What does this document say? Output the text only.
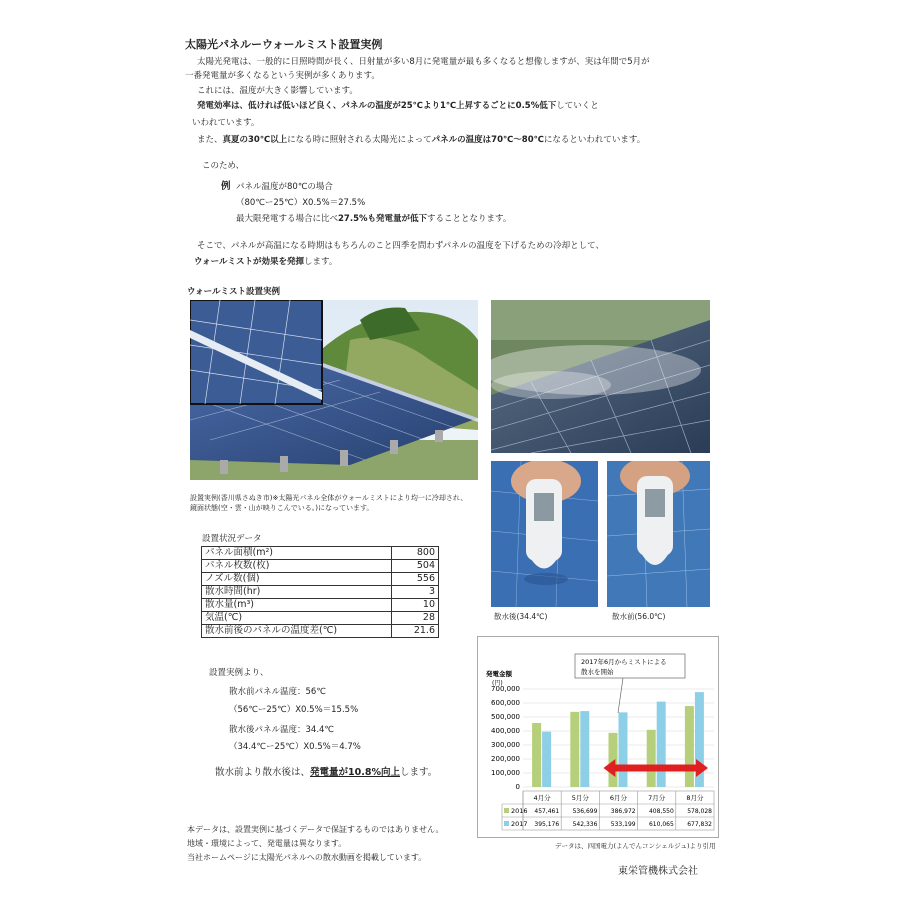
太陽光パネルーウォールミスト設置実例
太陽光発電は、一般的に日照時間が長く、日射量が多い8月に発電量が最も多くなると想像しますが、実は年間で5月が
一番発電量が多くなるという実例が多くあります。
これには、温度が大きく影響しています。
発電効率は、低ければ低いほど良く、パネルの温度が25℃より1℃上昇するごとに0.5%低下していくと
いわれています。
また、真夏の30℃以上になる時に照射される太陽光によってパネルの温度は70℃～80℃になるといわれています。
このため、
例 パネル温度が80℃の場合
（80℃ー25℃）X0.5%＝27.5%
最大限発電する場合に比べ27.5%も発電量が低下することとなります。
そこで、パネルが高温になる時期はもちろんのこと四季を問わずパネルの温度を下げるための冷却として、
ウォールミストが効果を発揮します。
ウォールミスト設置実例
設置実例(香川県さぬき市)※太陽光パネル全体がウォールミストにより均一に冷却され、
鏡面状態(空・雲・山が映りこんでいる。)になっています。
散水後(34.4℃)	散水前(56.0℃)
設置状況データ
パネル面積(m²)	800
パネル枚数(枚)	504
ノズル数(個)	556
散水時間(hr)	3
散水量(m³)	10
気温(℃)	28
散水前後のパネルの温度差(℃)	21.6
設置実例より、
散水前パネル温度：56℃
（56℃ー25℃）X0.5%＝15.5%
散水後パネル温度：34.4℃
（34.4℃ー25℃）X0.5%＝4.7%
散水前より散水後は、発電量が10.8%向上します。
本データは、設置実例に基づくデータで保証するものではありません。
地域・環境によって、発電量は異なります。
当社ホームページに太陽光パネルへの散水動画を掲載しています。
東栄管機株式会社
発電金額
(円)
700,000
600,000
500,000
400,000
300,000
200,000
100,000
0
2017年6月からミストによる
散水を開始
4月分	5月分	6月分	7月分	8月分
2016 457,461 536,699 386,972 408,550 578,028
2017 395,176 542,336 533,199 610,065 677,832
データは、四国電力(よんでんコンシェルジュ)より引用
